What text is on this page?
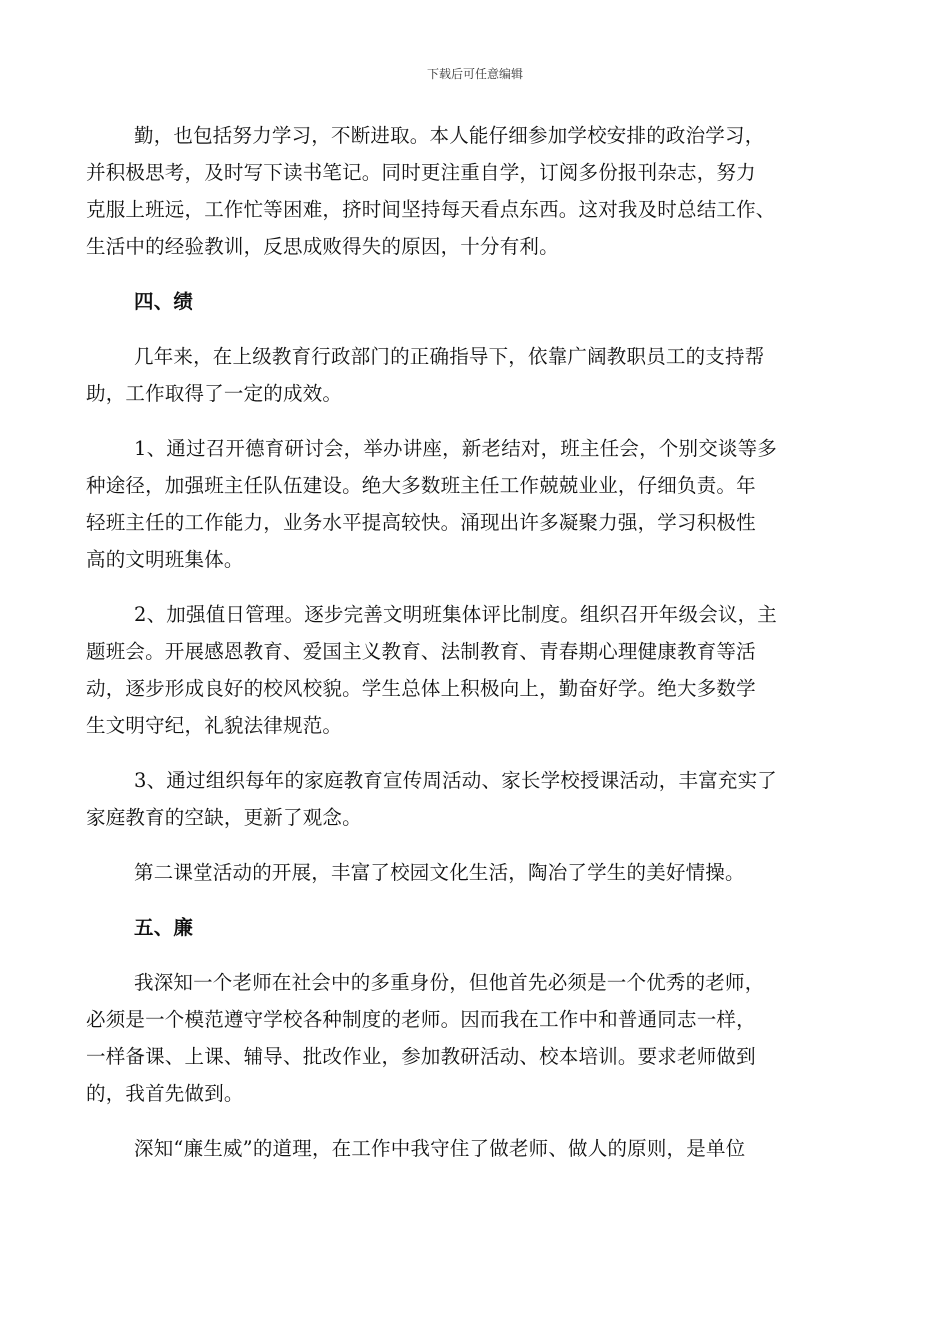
下载后可任意编辑
勤，也包括努力学习，不断进取。本人能仔细参加学校安排的政治学习，
并积极思考，及时写下读书笔记。同时更注重自学，订阅多份报刊杂志，努力
克服上班远，工作忙等困难，挤时间坚持每天看点东西。这对我及时总结工作、
生活中的经验教训，反思成败得失的原因，十分有利。
四、绩
几年来，在上级教育行政部门的正确指导下，依靠广阔教职员工的支持帮
助，工作取得了一定的成效。
1、通过召开德育研讨会，举办讲座，新老结对，班主任会，个别交谈等多
种途径，加强班主任队伍建设。绝大多数班主任工作兢兢业业，仔细负责。年
轻班主任的工作能力，业务水平提高较快。涌现出许多凝聚力强，学习积极性
高的文明班集体。
2、加强值日管理。逐步完善文明班集体评比制度。组织召开年级会议，主
题班会。开展感恩教育、爱国主义教育、法制教育、青春期心理健康教育等活
动，逐步形成良好的校风校貌。学生总体上积极向上，勤奋好学。绝大多数学
生文明守纪，礼貌法律规范。
3、通过组织每年的家庭教育宣传周活动、家长学校授课活动，丰富充实了
家庭教育的空缺，更新了观念。
第二课堂活动的开展，丰富了校园文化生活，陶冶了学生的美好情操。
五、廉
我深知一个老师在社会中的多重身份，但他首先必须是一个优秀的老师，
必须是一个模范遵守学校各种制度的老师。因而我在工作中和普通同志一样，
一样备课、上课、辅导、批改作业，参加教研活动、校本培训。要求老师做到
的，我首先做到。
深知“廉生威”的道理，在工作中我守住了做老师、做人的原则，是单位
